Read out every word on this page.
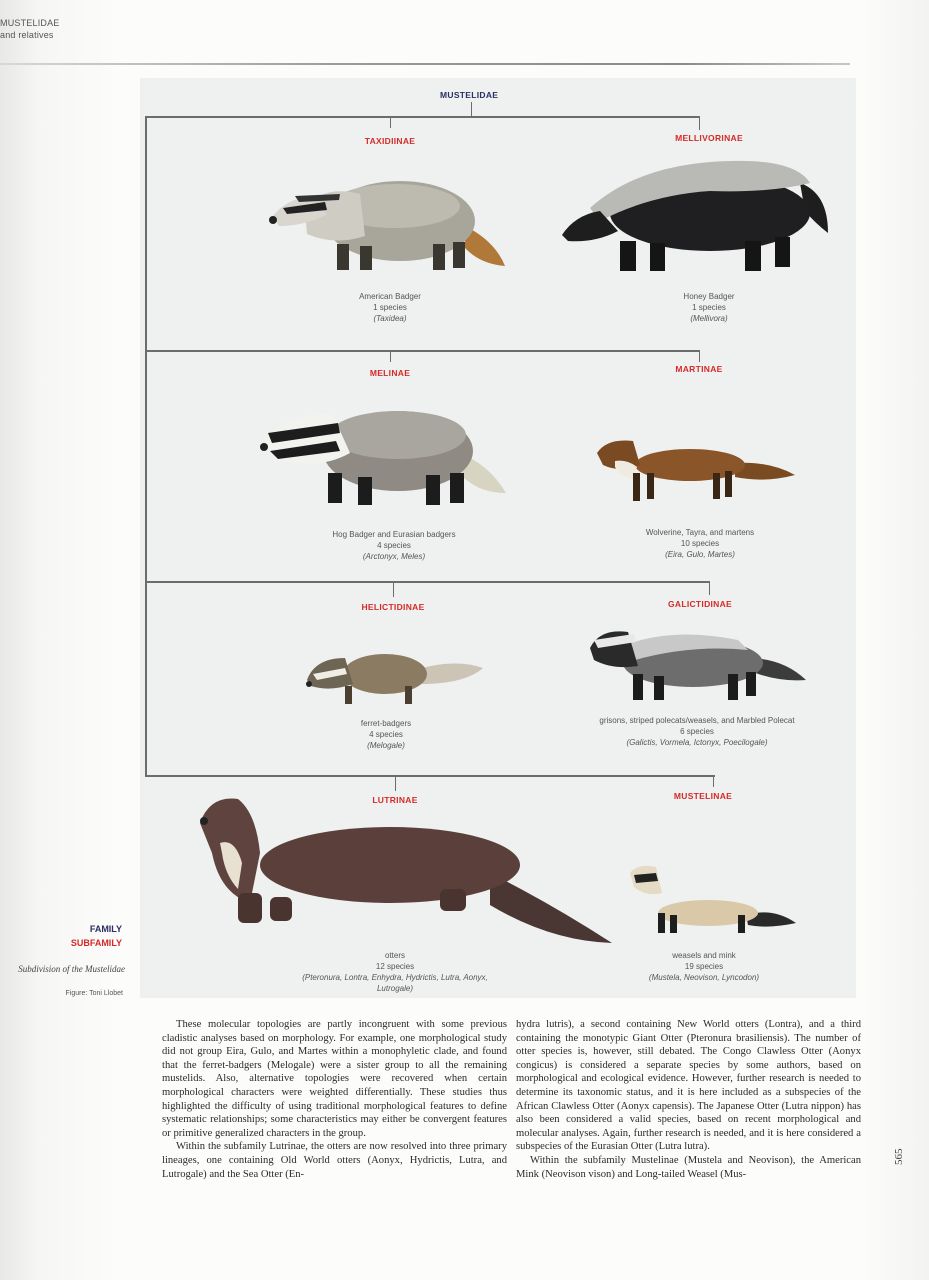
MUSTELIDAE
and relatives
MUSTELIDAE
TAXIDIINAE	MELLIVORINAE
American Badger
1 species
(Taxidea)
Honey Badger
1 species
(Mellivora)
MELINAE	MARTINAE
Hog Badger and Eurasian badgers
4 species
(Arctonyx, Meles)
Wolverine, Tayra, and martens
10 species
(Eira, Gulo, Martes)
HELICTIDINAE	GALICTIDINAE
ferret-badgers
4 species
(Melogale)
grisons, striped polecats/weasels, and Marbled Polecat
6 species
(Galictis, Vormela, Ictonyx, Poecilogale)
LUTRINAE	MUSTELINAE
otters
12 species
(Pteronura, Lontra, Enhydra, Hydrictis, Lutra, Aonyx,
Lutrogale)
weasels and mink
19 species
(Mustela, Neovison, Lyncodon)
FAMILY
SUBFAMILY
Subdivision of the Mustelidae
Figure: Toni Llobet

These molecular topologies are partly incongruent with some previous cladistic analyses based on morphology. For example, one morphological study did not group Eira, Gulo, and Martes within a monophyletic clade, and found that the ferret-badgers (Melogale) were a sister group to all the remaining mustelids. Also, alternative topologies were recovered when certain morphological characters were weighted differentially. These studies thus highlighted the difficulty of using traditional morphological features to define systematic relationships; some characteristics may either be convergent features or primitive generalized characters in the group.

Within the subfamily Lutrinae, the otters are now resolved into three primary lineages, one containing Old World otters (Aonyx, Hydrictis, Lutra, and Lutrogale) and the Sea Otter (En-

hydra lutris), a second containing New World otters (Lontra), and a third containing the monotypic Giant Otter (Pteronura brasiliensis). The number of otter species is, however, still debated. The Congo Clawless Otter (Aonyx congicus) is considered a separate species by some authors, based on morphological and ecological evidence. However, further research is needed to determine its taxonomic status, and it is here included as a subspecies of the African Clawless Otter (Aonyx capensis). The Japanese Otter (Lutra nippon) has also been considered a valid species, based on recent morphological and molecular analyses. Again, further research is needed, and it is here considered a subspecies of the Eurasian Otter (Lutra lutra).

Within the subfamily Mustelinae (Mustela and Neovison), the American Mink (Neovison vison) and Long-tailed Weasel (Mus-

565
